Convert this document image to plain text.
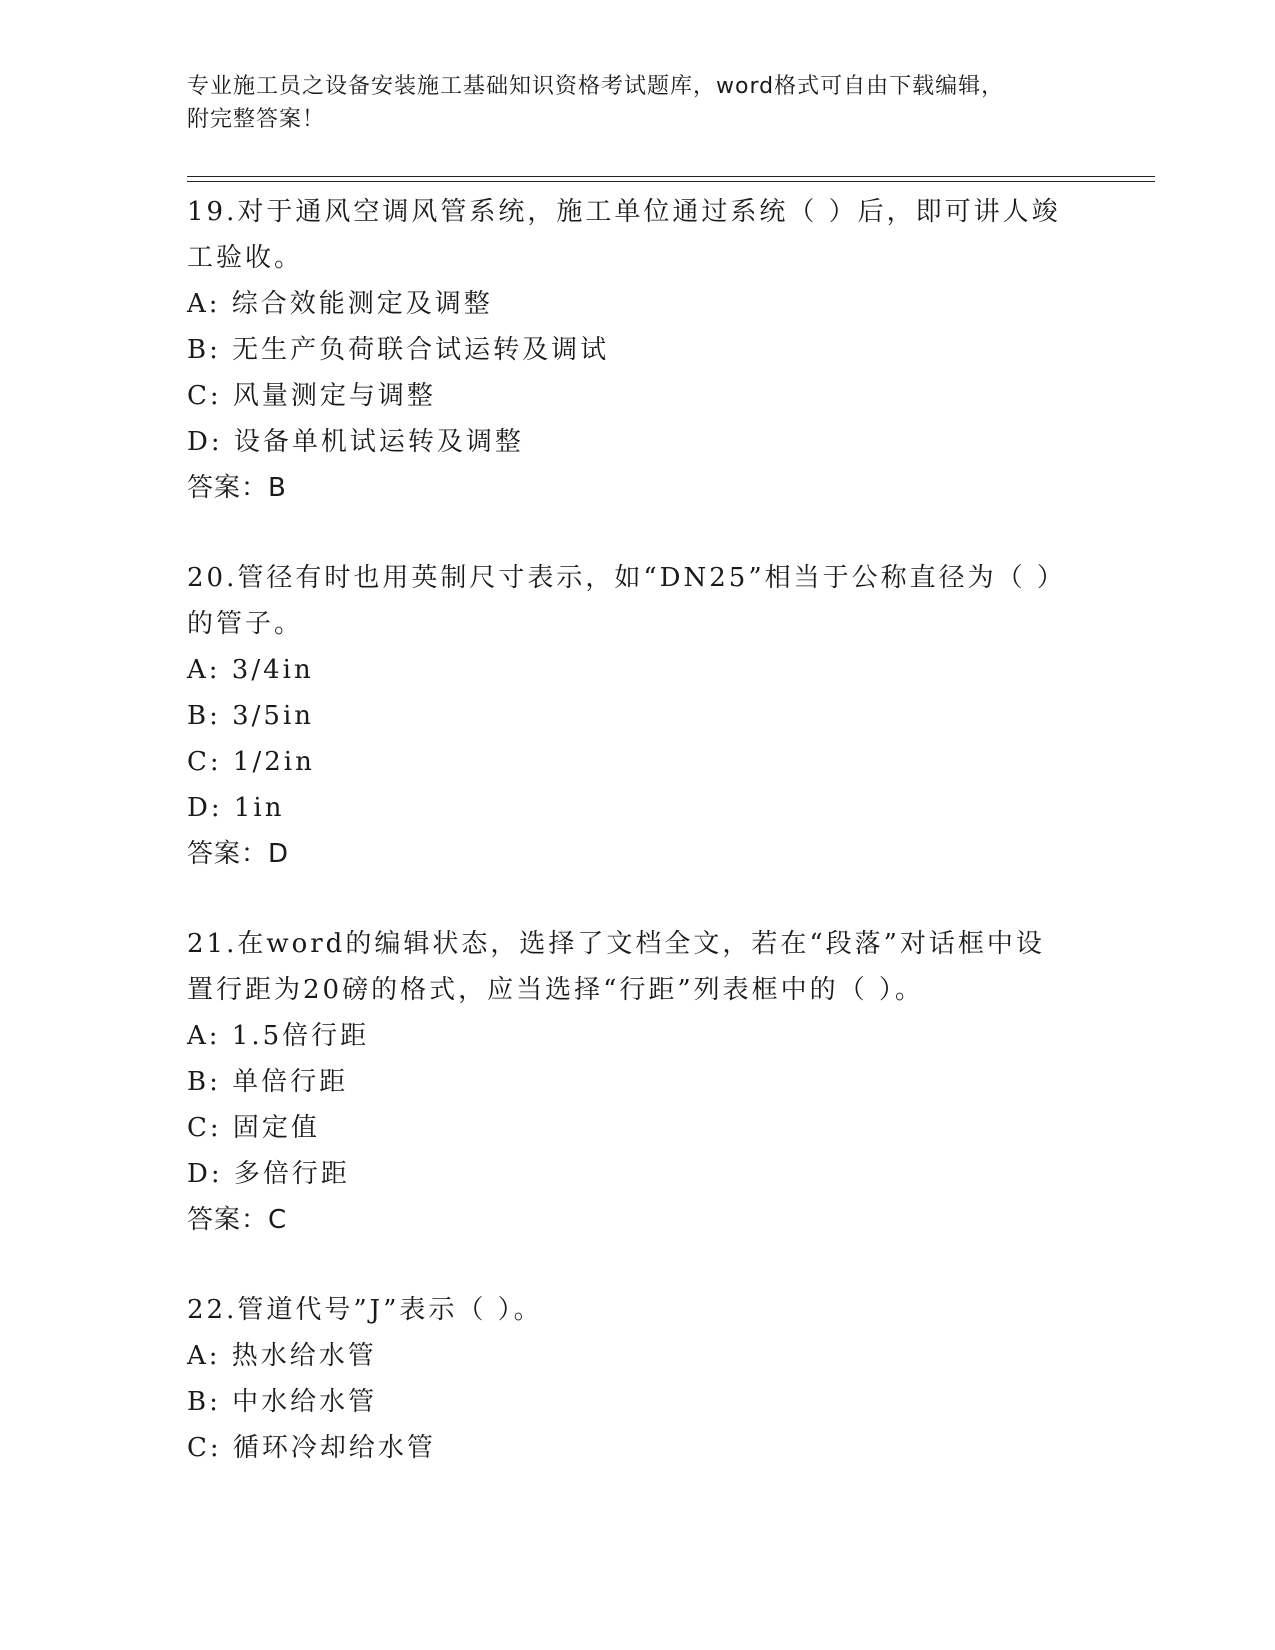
专业施工员之设备安装施工基础知识资格考试题库，word格式可自由下载编辑，
附完整答案！
19.对于通风空调风管系统，施工单位通过系统（ ）后，即可讲人竣
工验收。
A: 综合效能测定及调整
B: 无生产负荷联合试运转及调试
C: 风量测定与调整
D: 设备单机试运转及调整
答案：B
20.管径有时也用英制尺寸表示，如“DN25”相当于公称直径为（ ）
的管子。
A: 3/4in
B: 3/5in
C: 1/2in
D: 1in
答案：D
21.在word的编辑状态，选择了文档全文，若在“段落”对话框中设
置行距为20磅的格式，应当选择“行距”列表框中的（ ）。
A: 1.5倍行距
B: 单倍行距
C: 固定值
D: 多倍行距
答案：C
22.管道代号”J”表示（ ）。
A: 热水给水管
B: 中水给水管
C: 循环冷却给水管
